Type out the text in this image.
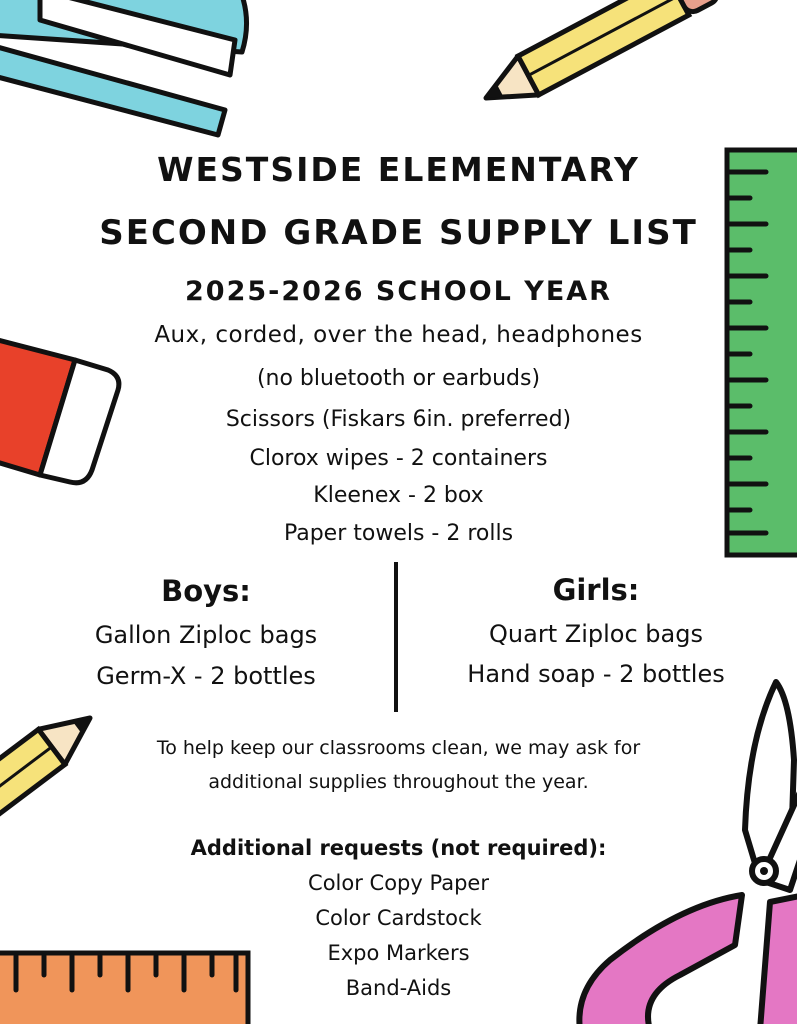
WESTSIDE ELEMENTARY
SECOND GRADE SUPPLY LIST
2025-2026 SCHOOL YEAR
Aux, corded, over the head, headphones
(no bluetooth or earbuds)
Scissors (Fiskars 6in. preferred)
Clorox wipes - 2 containers
Kleenex - 2 box
Paper towels - 2 rolls
Boys:
Gallon Ziploc bags
Germ-X - 2 bottles
Girls:
Quart Ziploc bags
Hand soap - 2 bottles
To help keep our classrooms clean, we may ask for
additional supplies throughout the year.
Additional requests (not required):
Color Copy Paper
Color Cardstock
Expo Markers
Band-Aids
